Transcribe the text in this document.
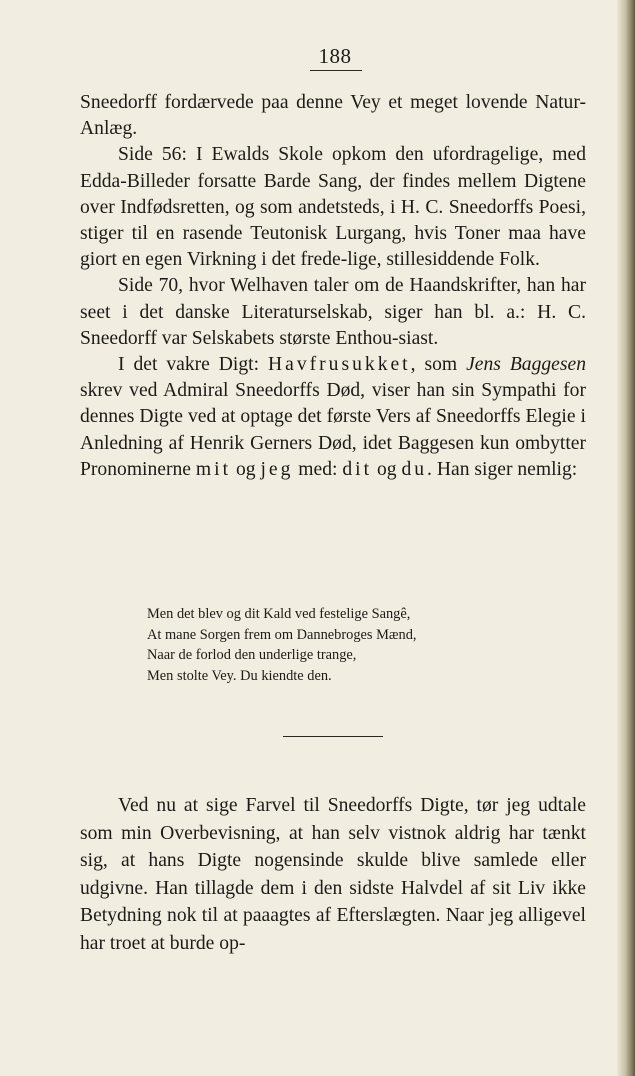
188

Sneedorff fordærvede paa denne Vey et meget lovende Natur-Anlæg.

Side 56: I Ewalds Skole opkom den ufordragelige, med Edda-Billeder forsatte Barde Sang, der findes mellem Digtene over Indfødsretten, og som andetsteds, i H. C. Sneedorffs Poesi, stiger til en rasende Teutonisk Lurgang, hvis Toner maa have giort en egen Virkning i det frede-lige, stillesiddende Folk.

Side 70, hvor Welhaven taler om de Haandskrifter, han har seet i det danske Literaturselskab, siger han bl. a.: H. C. Sneedorff var Selskabets største Enthou-siast.

I det vakre Digt: Havfrusukket, som Jens Baggesen skrev ved Admiral Sneedorffs Død, viser han sin Sympathi for dennes Digte ved at optage det første Vers af Sneedorffs Elegie i Anledning af Henrik Gerners Død, idet Baggesen kun ombytter Pronominerne mit og jeg med: dit og du. Han siger nemlig:

Men det blev og dit Kald ved festelige Sangê,
At mane Sorgen frem om Dannebroges Mænd,
Naar de forlod den underlige trange,
Men stolte Vey. Du kiendte den.

Ved nu at sige Farvel til Sneedorffs Digte, tør jeg udtale som min Overbevisning, at han selv vistnok aldrig har tænkt sig, at hans Digte nogensinde skulde blive samlede eller udgivne. Han tillagde dem i den sidste Halvdel af sit Liv ikke Betydning nok til at paaagtes af Efterslægten. Naar jeg alligevel har troet at burde op-
